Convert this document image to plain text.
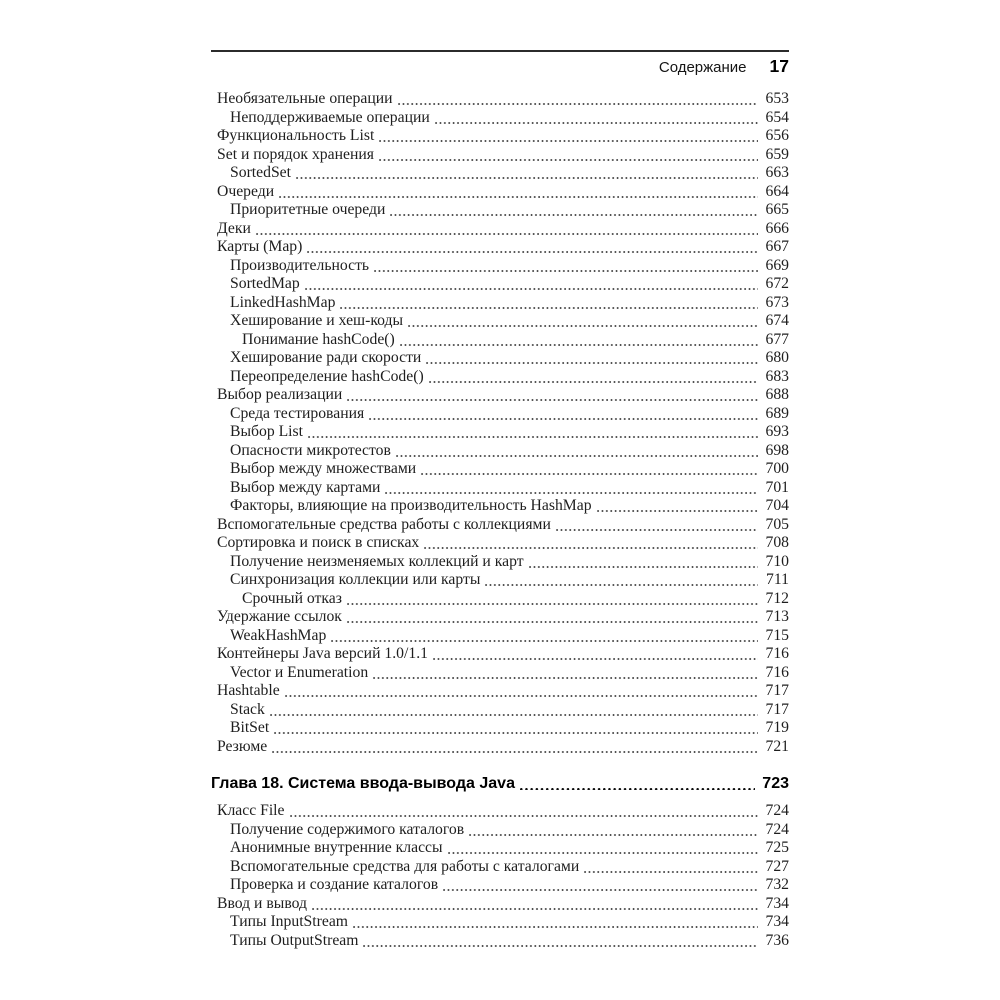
Содержание 17
Необязательные операции	653
Неподдерживаемые операции	654
Функциональность List	656
Set и порядок хранения	659
SortedSet	663
Очереди	664
Приоритетные очереди	665
Деки	666
Карты (Map)	667
Производительность	669
SortedMap	672
LinkedHashMap	673
Хеширование и хеш-коды	674
Понимание hashCode()	677
Хеширование ради скорости	680
Переопределение hashCode()	683
Выбор реализации	688
Среда тестирования	689
Выбор List	693
Опасности микротестов	698
Выбор между множествами	700
Выбор между картами	701
Факторы, влияющие на производительность HashMap	704
Вспомогательные средства работы с коллекциями	705
Сортировка и поиск в списках	708
Получение неизменяемых коллекций и карт	710
Синхронизация коллекции или карты	711
Срочный отказ	712
Удержание ссылок	713
WeakHashMap	715
Контейнеры Java версий 1.0/1.1	716
Vector и Enumeration	716
Hashtable	717
Stack	717
BitSet	719
Резюме	721
Глава 18. Система ввода-вывода Java	723
Класс File	724
Получение содержимого каталогов	724
Анонимные внутренние классы	725
Вспомогательные средства для работы с каталогами	727
Проверка и создание каталогов	732
Ввод и вывод	734
Типы InputStream	734
Типы OutputStream	736
